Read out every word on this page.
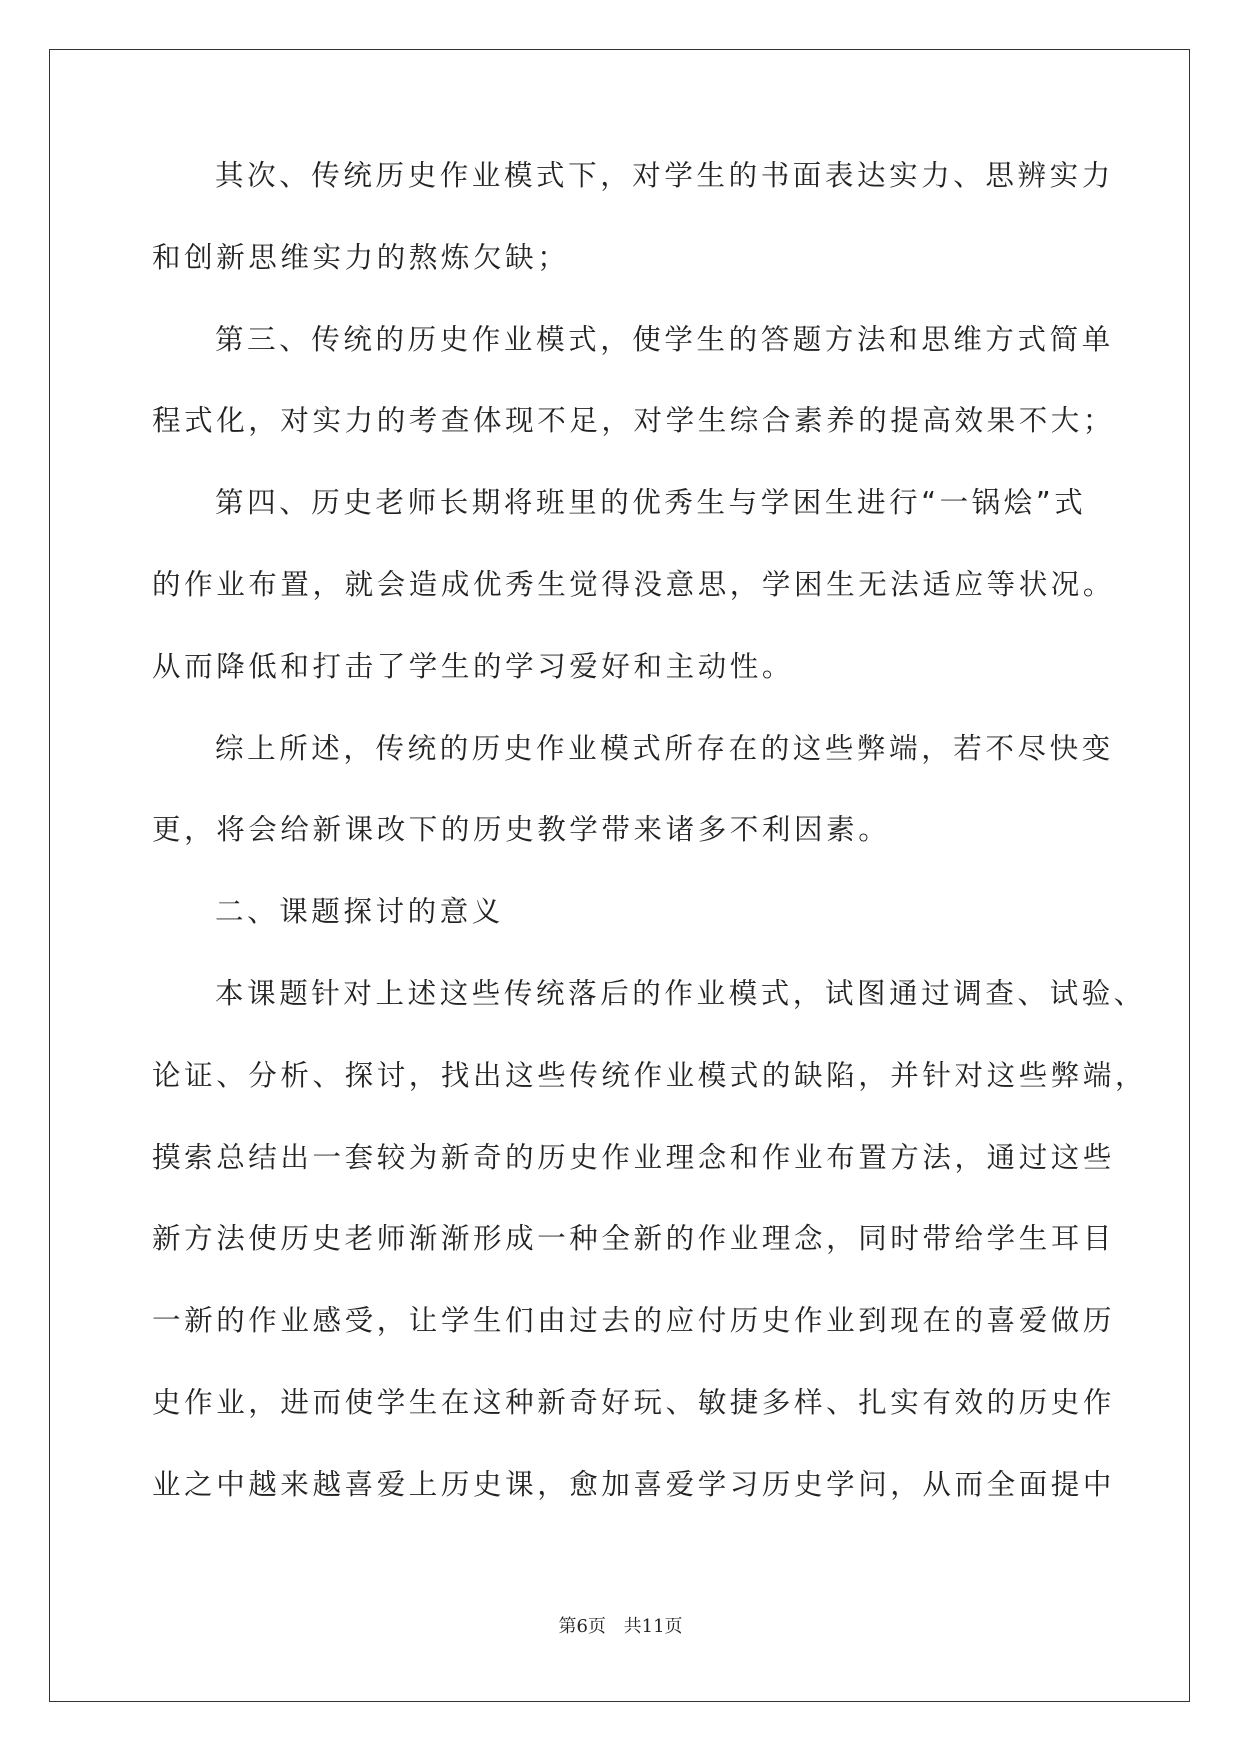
其次、传统历史作业模式下，对学生的书面表达实力、思辨实力
和创新思维实力的熬炼欠缺；
第三、传统的历史作业模式，使学生的答题方法和思维方式简单
程式化，对实力的考查体现不足，对学生综合素养的提高效果不大；
第四、历史老师长期将班里的优秀生与学困生进行“一锅烩”式
的作业布置，就会造成优秀生觉得没意思，学困生无法适应等状况。
从而降低和打击了学生的学习爱好和主动性。
综上所述，传统的历史作业模式所存在的这些弊端，若不尽快变
更，将会给新课改下的历史教学带来诸多不利因素。
二、课题探讨的意义
本课题针对上述这些传统落后的作业模式，试图通过调查、试验、
论证、分析、探讨，找出这些传统作业模式的缺陷，并针对这些弊端，
摸索总结出一套较为新奇的历史作业理念和作业布置方法，通过这些
新方法使历史老师渐渐形成一种全新的作业理念，同时带给学生耳目
一新的作业感受，让学生们由过去的应付历史作业到现在的喜爱做历
史作业，进而使学生在这种新奇好玩、敏捷多样、扎实有效的历史作
业之中越来越喜爱上历史课，愈加喜爱学习历史学问，从而全面提中
第6页 共11页
